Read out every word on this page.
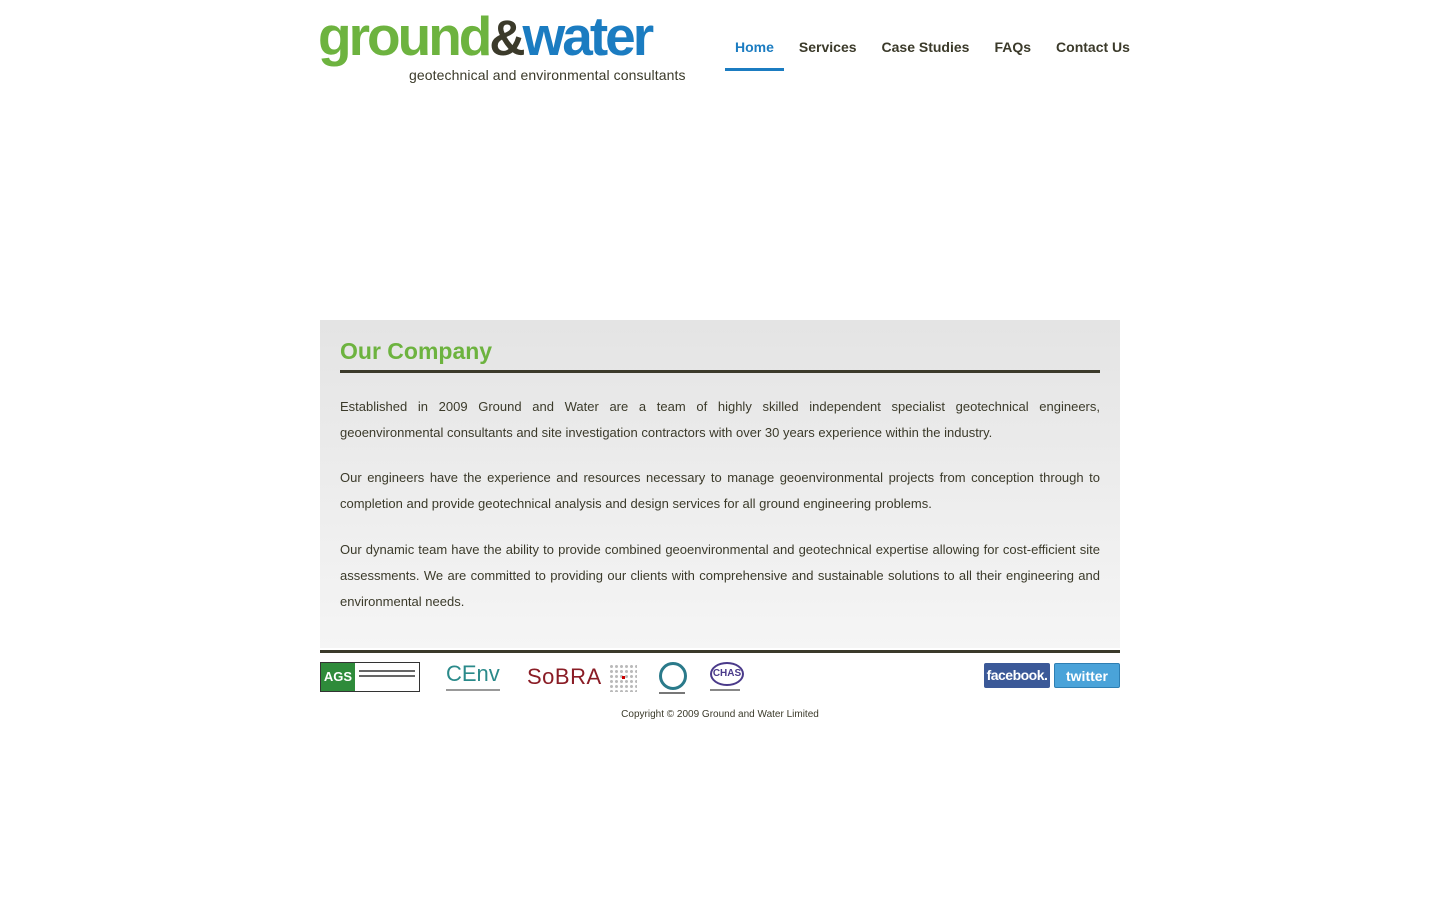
ground&water
geotechnical and environmental consultants
Home	Services	Case Studies	FAQs	Contact Us
Our Company

Established in 2009 Ground and Water are a team of highly skilled independent specialist geotechnical engineers, geoenvironmental consultants and site investigation contractors with over 30 years experience within the industry.

Our engineers have the experience and resources necessary to manage geoenvironmental projects from conception through to completion and provide geotechnical analysis and design services for all ground engineering problems.

Our dynamic team have the ability to provide combined geoenvironmental and geotechnical expertise allowing for cost-efficient site assessments. We are committed to providing our clients with comprehensive and sustainable solutions to all their engineering and environmental needs.

AGS	CEnv SoBRA	CHAS	facebook.	twitter
Copyright © 2009 Ground and Water Limited
